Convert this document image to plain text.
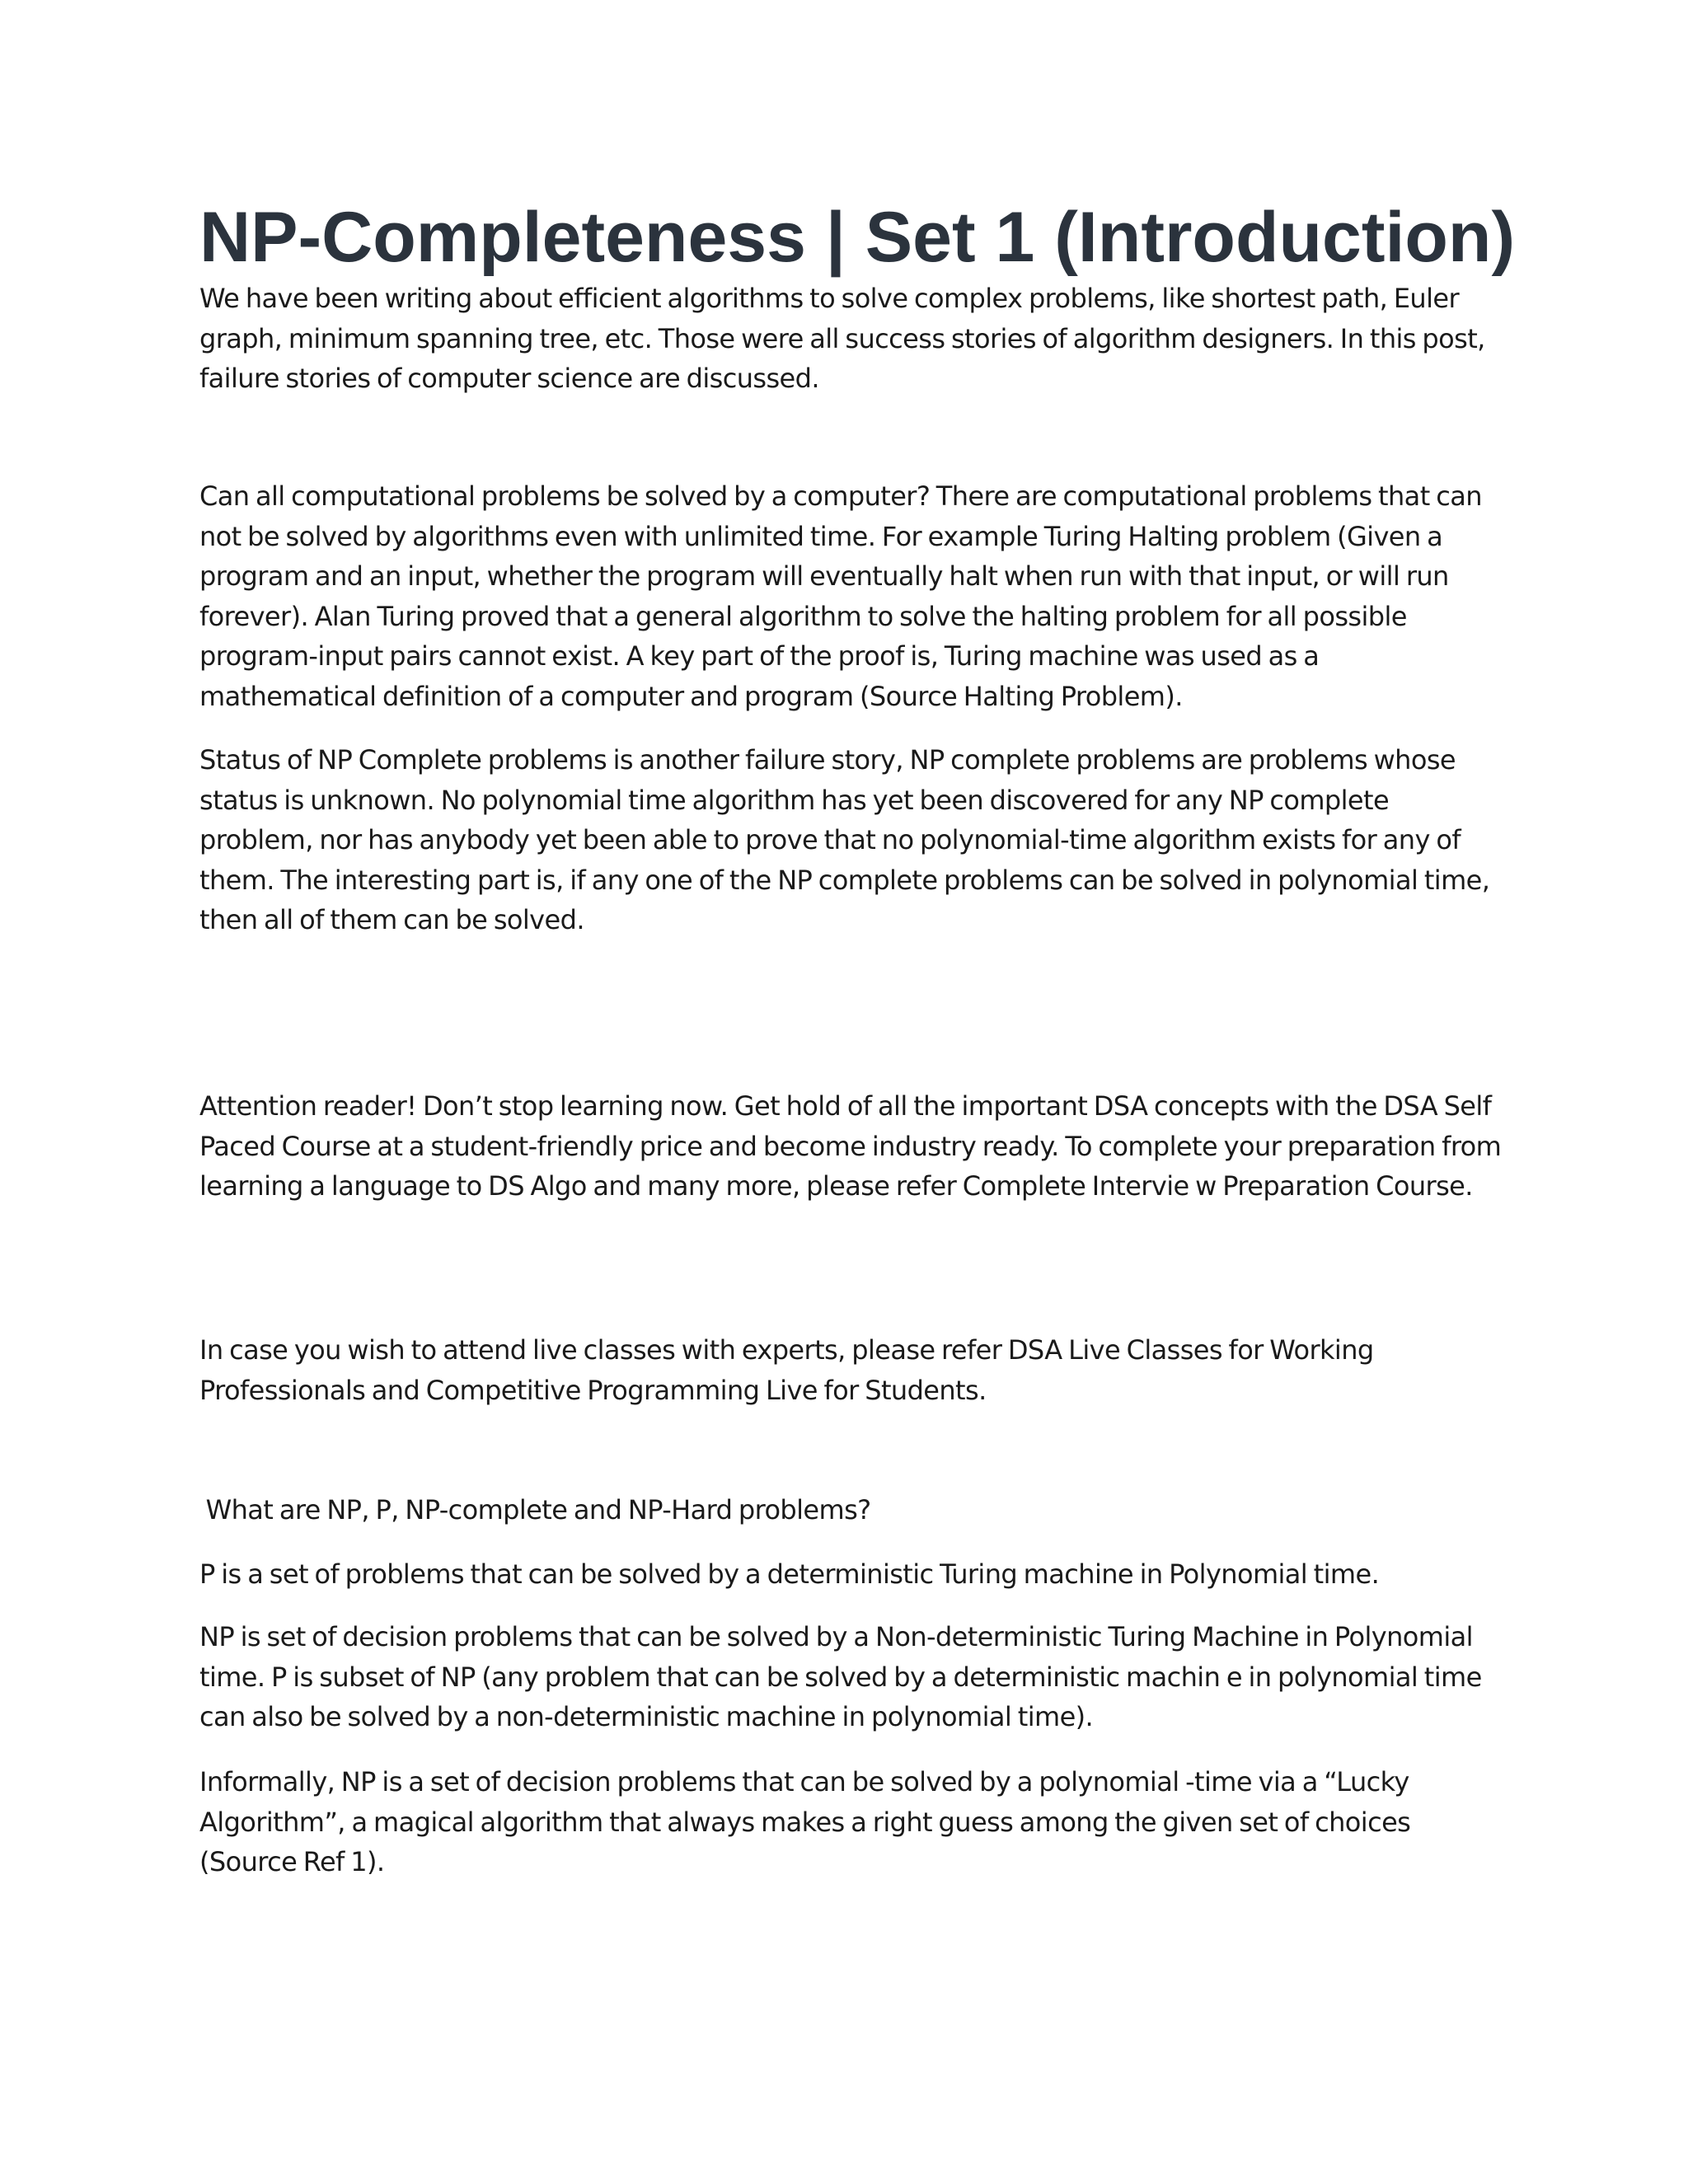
NP-Completeness | Set 1 (Introduction)

We have been writing about efficient algorithms to solve complex problems, like shortest path, Euler graph, minimum spanning tree, etc. Those were all success stories of algorithm designers. In this post, failure stories of computer science are discussed.

Can all computational problems be solved by a computer? There are computational problems that can not be solved by algorithms even with unlimited time. For example Turing Halting problem (Given a program and an input, whether the program will eventually halt when run with that input, or will run forever). Alan Turing proved that a general algorithm to solve the halting problem for all possible program-input pairs cannot exist. A key part of the proof is, Turing machine was used as a mathematical definition of a computer and program (Source Halting Problem).

Status of NP Complete problems is another failure story, NP complete problems are problems whose status is unknown. No polynomial time algorithm has yet been discovered for any NP complete problem, nor has anybody yet been able to prove that no polynomial-time algorithm exists for any of them. The interesting part is, if any one of the NP complete problems can be solved in polynomial time, then all of them can be solved.

Attention reader! Don’t stop learning now. Get hold of all the important DSA concepts with the DSA Self Paced Course at a student-friendly price and become industry ready. To complete your preparation from learning a language to DS Algo and many more, please refer Complete Intervie w Preparation Course.

In case you wish to attend live classes with experts, please refer DSA Live Classes for Working Professionals and Competitive Programming Live for Students.

What are NP, P, NP-complete and NP-Hard problems?

P is a set of problems that can be solved by a deterministic Turing machine in Polynomial time.

NP is set of decision problems that can be solved by a Non-deterministic Turing Machine in Polynomial time. P is subset of NP (any problem that can be solved by a deterministic machin e in polynomial time can also be solved by a non-deterministic machine in polynomial time).

Informally, NP is a set of decision problems that can be solved by a polynomial -time via a “Lucky Algorithm”, a magical algorithm that always makes a right guess among the given set of choices (Source Ref 1).
